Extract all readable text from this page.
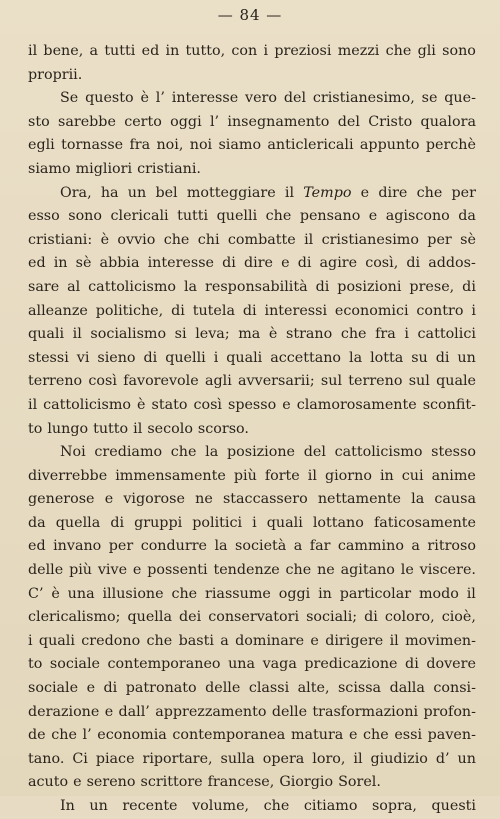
— 84 —
il bene, a tutti ed in tutto, con i preziosi mezzi che gli sono
proprii.
Se questo è l’ interesse vero del cristianesimo, se que-
sto sarebbe certo oggi l’ insegnamento del Cristo qualora
egli tornasse fra noi, noi siamo anticlericali appunto perchè
siamo migliori cristiani.
Ora, ha un bel motteggiare il Tempo e dire che per
esso sono clericali tutti quelli che pensano e agiscono da
cristiani: è ovvio che chi combatte il cristianesimo per sè
ed in sè abbia interesse di dire e di agire così, di addos-
sare al cattolicismo la responsabilità di posizioni prese, di
alleanze politiche, di tutela di interessi economici contro i
quali il socialismo si leva; ma è strano che fra i cattolici
stessi vi sieno di quelli i quali accettano la lotta su di un
terreno così favorevole agli avversarii; sul terreno sul quale
il cattolicismo è stato così spesso e clamorosamente sconfit-
to lungo tutto il secolo scorso.
Noi crediamo che la posizione del cattolicismo stesso
diverrebbe immensamente più forte il giorno in cui anime
generose e vigorose ne staccassero nettamente la causa
da quella di gruppi politici i quali lottano faticosamente
ed invano per condurre la società a far cammino a ritroso
delle più vive e possenti tendenze che ne agitano le viscere.
C’ è una illusione che riassume oggi in particolar modo il
clericalismo; quella dei conservatori sociali; di coloro, cioè,
i quali credono che basti a dominare e dirigere il movimen-
to sociale contemporaneo una vaga predicazione di dovere
sociale e di patronato delle classi alte, scissa dalla consi-
derazione e dall’ apprezzamento delle trasformazioni profon-
de che l’ economia contemporanea matura e che essi paven-
tano. Ci piace riportare, sulla opera loro, il giudizio d’ un
acuto e sereno scrittore francese, Giorgio Sorel.
In un recente volume, che citiamo sopra, questi
